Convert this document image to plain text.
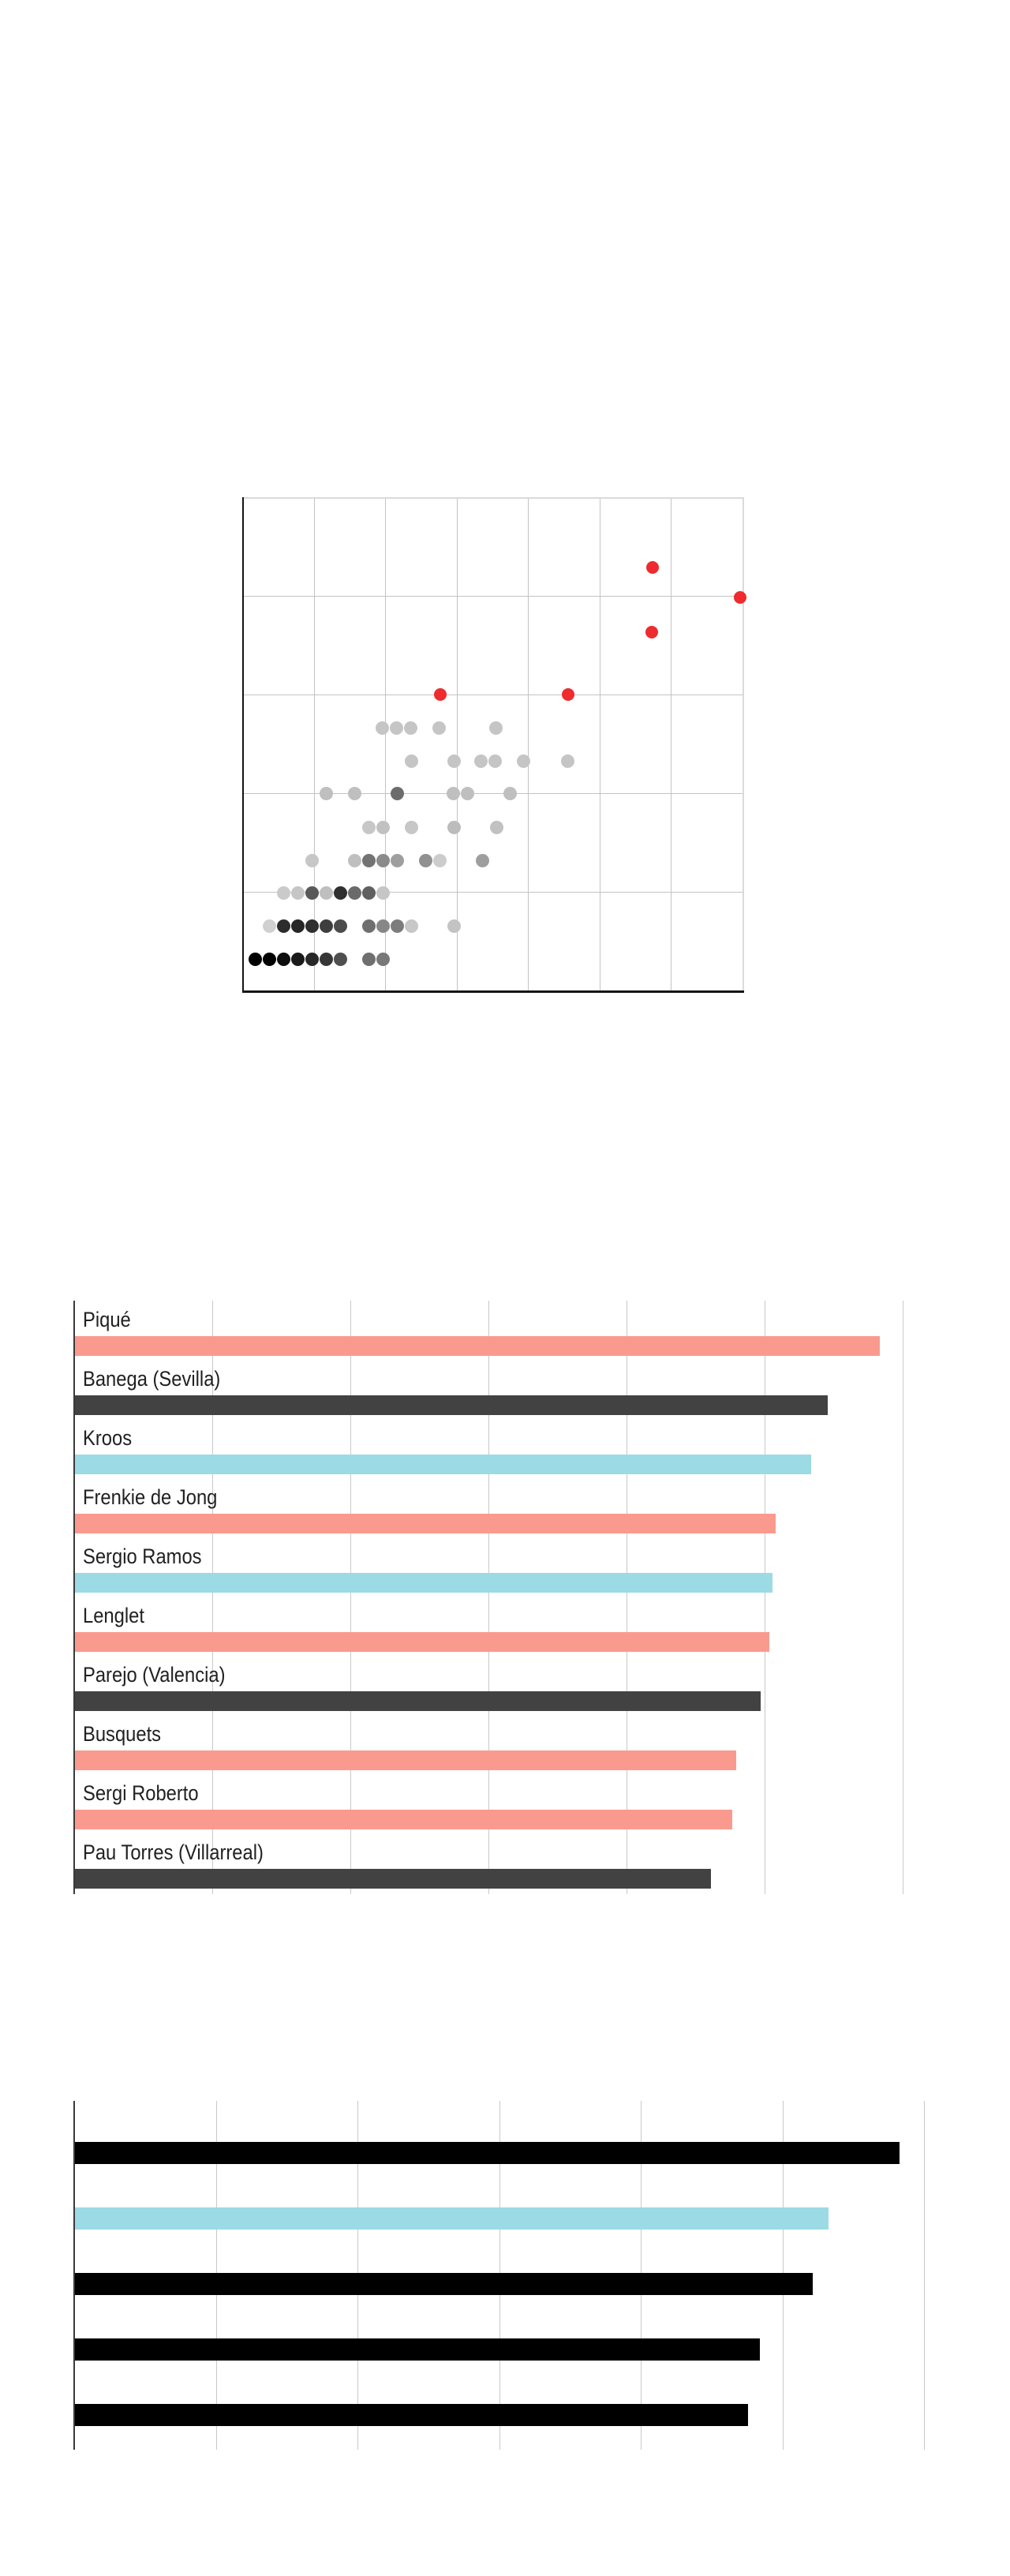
Piqué
Banega (Sevilla)
Kroos
Frenkie de Jong
Sergio Ramos
Lenglet
Parejo (Valencia)
Busquets
Sergi Roberto
Pau Torres (Villarreal)
